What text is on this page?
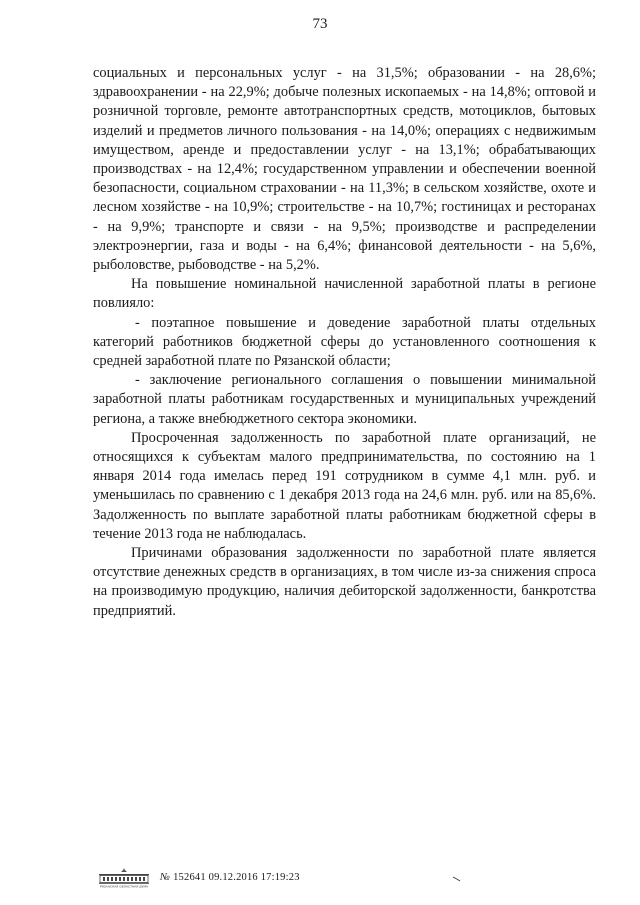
73

социальных и персональных услуг - на 31,5%; образовании - на 28,6%; здравоохранении - на 22,9%; добыче полезных ископаемых - на 14,8%; оптовой и розничной торговле, ремонте автотранспортных средств, мотоциклов, бытовых изделий и предметов личного пользования - на 14,0%; операциях с недвижимым имуществом, аренде и предоставлении услуг - на 13,1%; обрабатывающих производствах - на 12,4%; государственном управлении и обеспечении военной безопасности, социальном страховании - на 11,3%; в сельском хозяйстве, охоте и лесном хозяйстве - на 10,9%; строительстве - на 10,7%; гостиницах и ресторанах - на 9,9%; транспорте и связи - на 9,5%; производстве и распределении электроэнергии, газа и воды - на 6,4%; финансовой деятельности - на 5,6%, рыболовстве, рыбоводстве - на 5,2%.

На повышение номинальной начисленной заработной платы в регионе повлияло:

- поэтапное повышение и доведение заработной платы отдельных категорий работников бюджетной сферы до установленного соотношения к средней заработной плате по Рязанской области;

- заключение регионального соглашения о повышении минимальной заработной платы работникам государственных и муниципальных учреждений региона, а также внебюджетного сектора экономики.

Просроченная задолженность по заработной плате организаций, не относящихся к субъектам малого предпринимательства, по состоянию на 1 января 2014 года имелась перед 191 сотрудником в сумме 4,1 млн. руб. и уменьшилась по сравнению с 1 декабря 2013 года на 24,6 млн. руб. или на 85,6%. Задолженность по выплате заработной платы работникам бюджетной сферы в течение 2013 года не наблюдалась.

Причинами образования задолженности по заработной плате является отсутствие денежных средств в организациях, в том числе из-за снижения спроса на производимую продукцию, наличия дебиторской задолженности, банкротства предприятий.

РЯЗАНСКАЯ ОБЛАСТНАЯ ДУМА
№ 152641 09.12.2016 17:19:23
